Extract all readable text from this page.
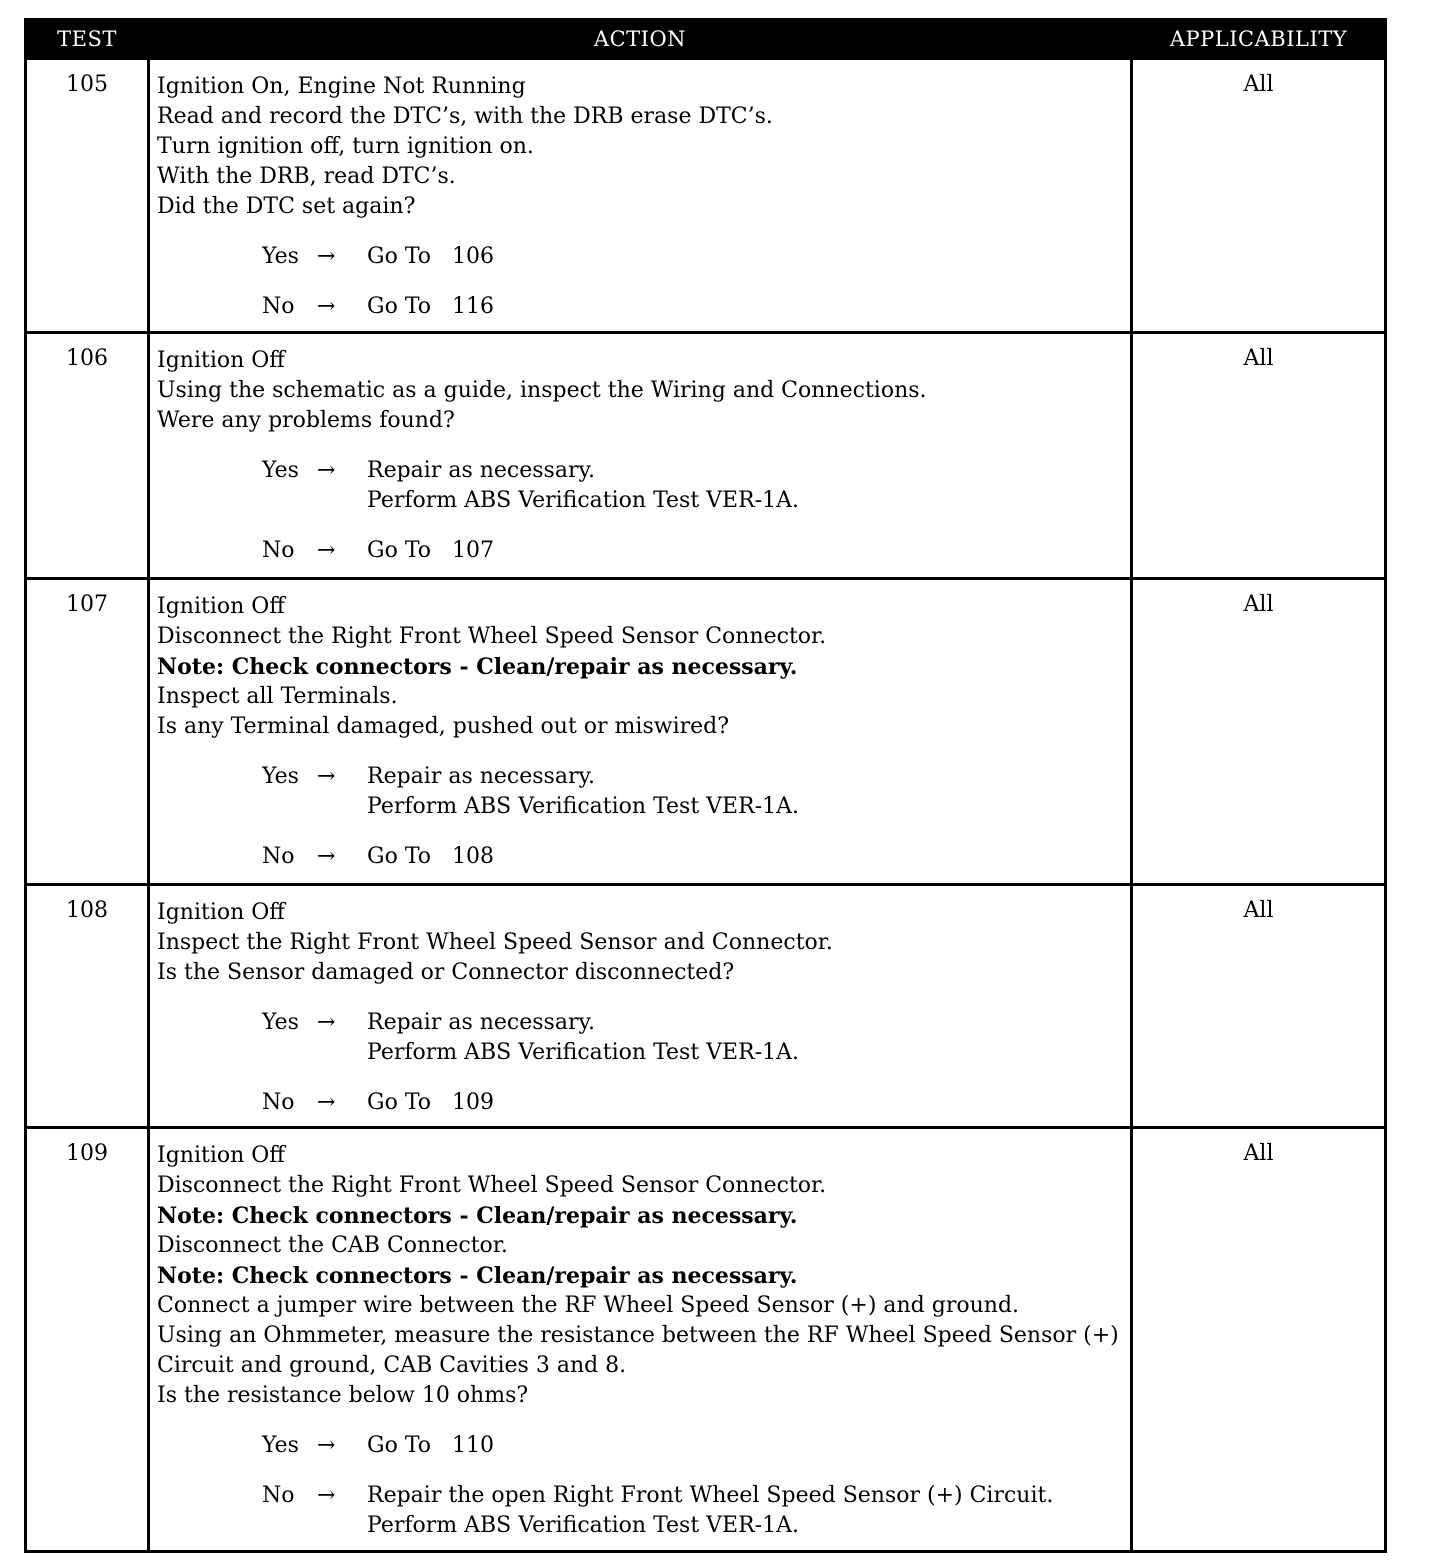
TEST	ACTION	APPLICABILITY
105	Ignition On, Engine Not Running
Read and record the DTC’s, with the DRB erase DTC’s.
Turn ignition off, turn ignition on.
With the DRB, read DTC’s.
Did the DTC set again?
Yes →	Go To   106
No	→	Go To   116
All
106	Ignition Off
Using the schematic as a guide, inspect the Wiring and Connections.
Were any problems found?
Yes →	Repair as necessary.
Perform ABS Verification Test VER-1A.
No	→	Go To   107
All
107	Ignition Off
Disconnect the Right Front Wheel Speed Sensor Connector.
Note: Check connectors - Clean/repair as necessary.
Inspect all Terminals.
Is any Terminal damaged, pushed out or miswired?
Yes →	Repair as necessary.
Perform ABS Verification Test VER-1A.
No	→	Go To   108
All
108	Ignition Off
Inspect the Right Front Wheel Speed Sensor and Connector.
Is the Sensor damaged or Connector disconnected?
Yes →	Repair as necessary.
Perform ABS Verification Test VER-1A.
No	→	Go To   109
All
109	Ignition Off
Disconnect the Right Front Wheel Speed Sensor Connector.
Note: Check connectors - Clean/repair as necessary.
Disconnect the CAB Connector.
Note: Check connectors - Clean/repair as necessary.
Connect a jumper wire between the RF Wheel Speed Sensor (+) and ground.
Using an Ohmmeter, measure the resistance between the RF Wheel Speed Sensor (+)
Circuit and ground, CAB Cavities 3 and 8.
Is the resistance below 10 ohms?
Yes →	Go To   110
No	→	Repair the open Right Front Wheel Speed Sensor (+) Circuit.
Perform ABS Verification Test VER-1A.
All
